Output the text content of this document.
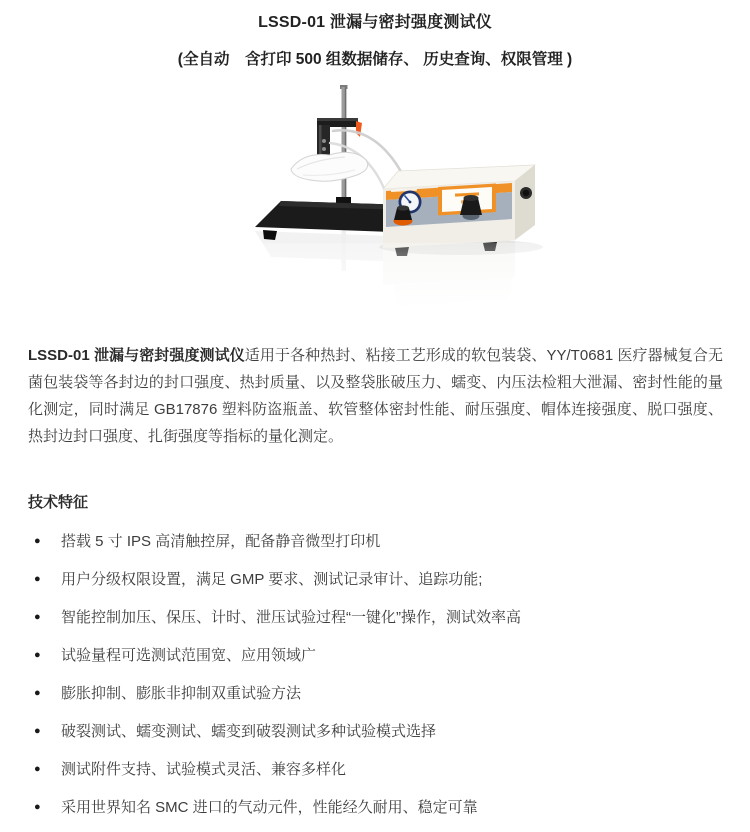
LSSD-01 泄漏与密封强度测试仪
(全自动　含打印 500 组数据储存、 历史查询、权限管理 )

LSSD-01 泄漏与密封强度测试仪适用于各种热封、粘接工艺形成的软包装袋、YY/T0681 医疗器械复合无菌包装袋等各封边的封口强度、热封质量、以及整袋胀破压力、蠕变、内压法检粗大泄漏、密封性能的量化测定，同时满足 GB17876 塑料防盗瓶盖、软管整体密封性能、耐压强度、帽体连接强度、脱口强度、热封边封口强度、扎街强度等指标的量化测定。

技术特征
●	搭载 5 寸 IPS 高清触控屏，配备静音微型打印机
●	用户分级权限设置，满足 GMP 要求、测试记录审计、追踪功能;
●	智能控制加压、保压、计时、泄压试验过程“一键化”操作，测试效率高
●	试验量程可选测试范围宽、应用领域广
●	膨胀抑制、膨胀非抑制双重试验方法
●	破裂测试、蠕变测试、蠕变到破裂测试多种试验模式选择
●	测试附件支持、试验模式灵活、兼容多样化
●	采用世界知名 SMC 进口的气动元件，性能经久耐用、稳定可靠
